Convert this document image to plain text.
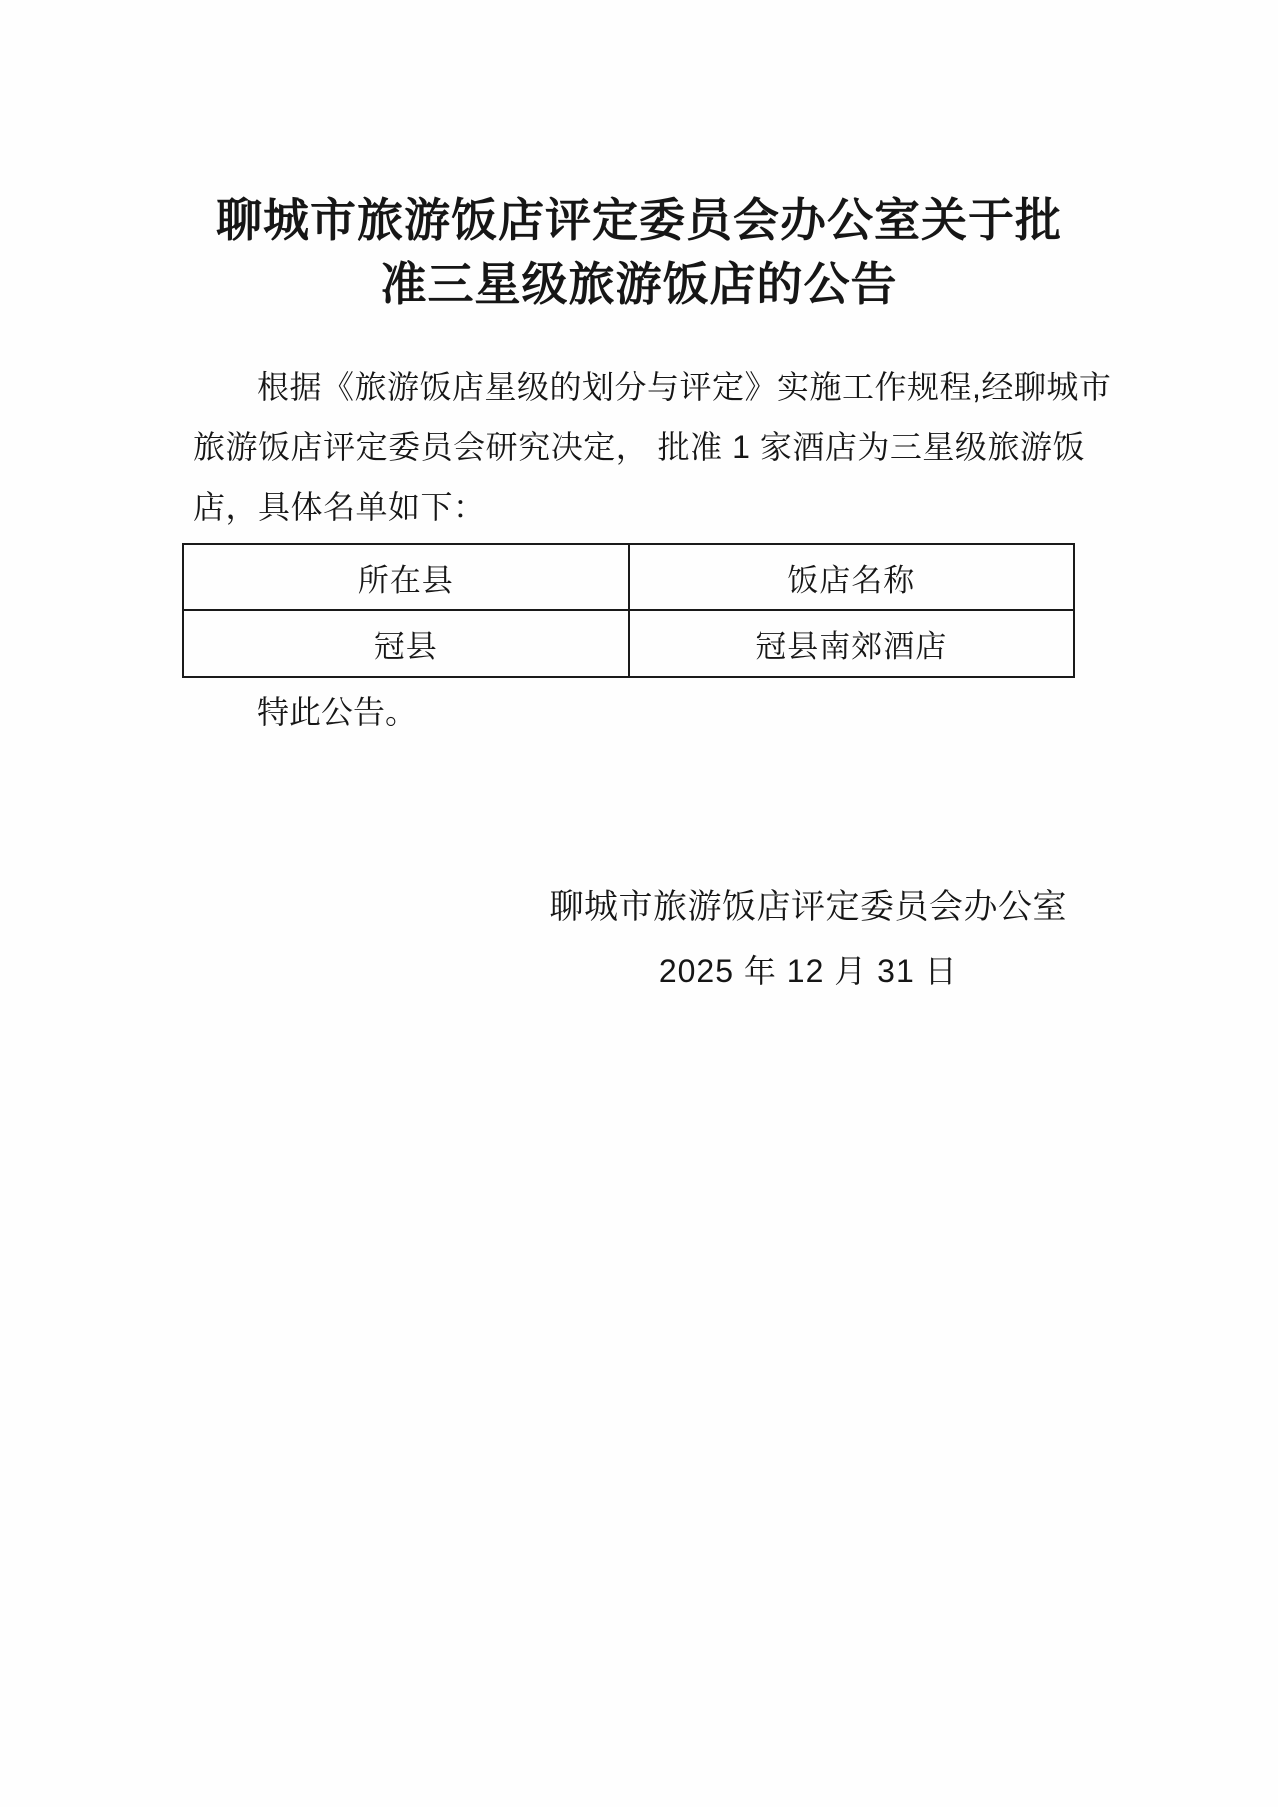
聊城市旅游饭店评定委员会办公室关于批
准三星级旅游饭店的公告
根据《旅游饭店星级的划分与评定》实施工作规程,经聊城市
旅游饭店评定委员会研究决定， 批准 1 家酒店为三星级旅游饭
店，具体名单如下：
所在县	饭店名称
冠县	冠县南郊酒店
特此公告。
聊城市旅游饭店评定委员会办公室
2025 年 12 月 31 日
